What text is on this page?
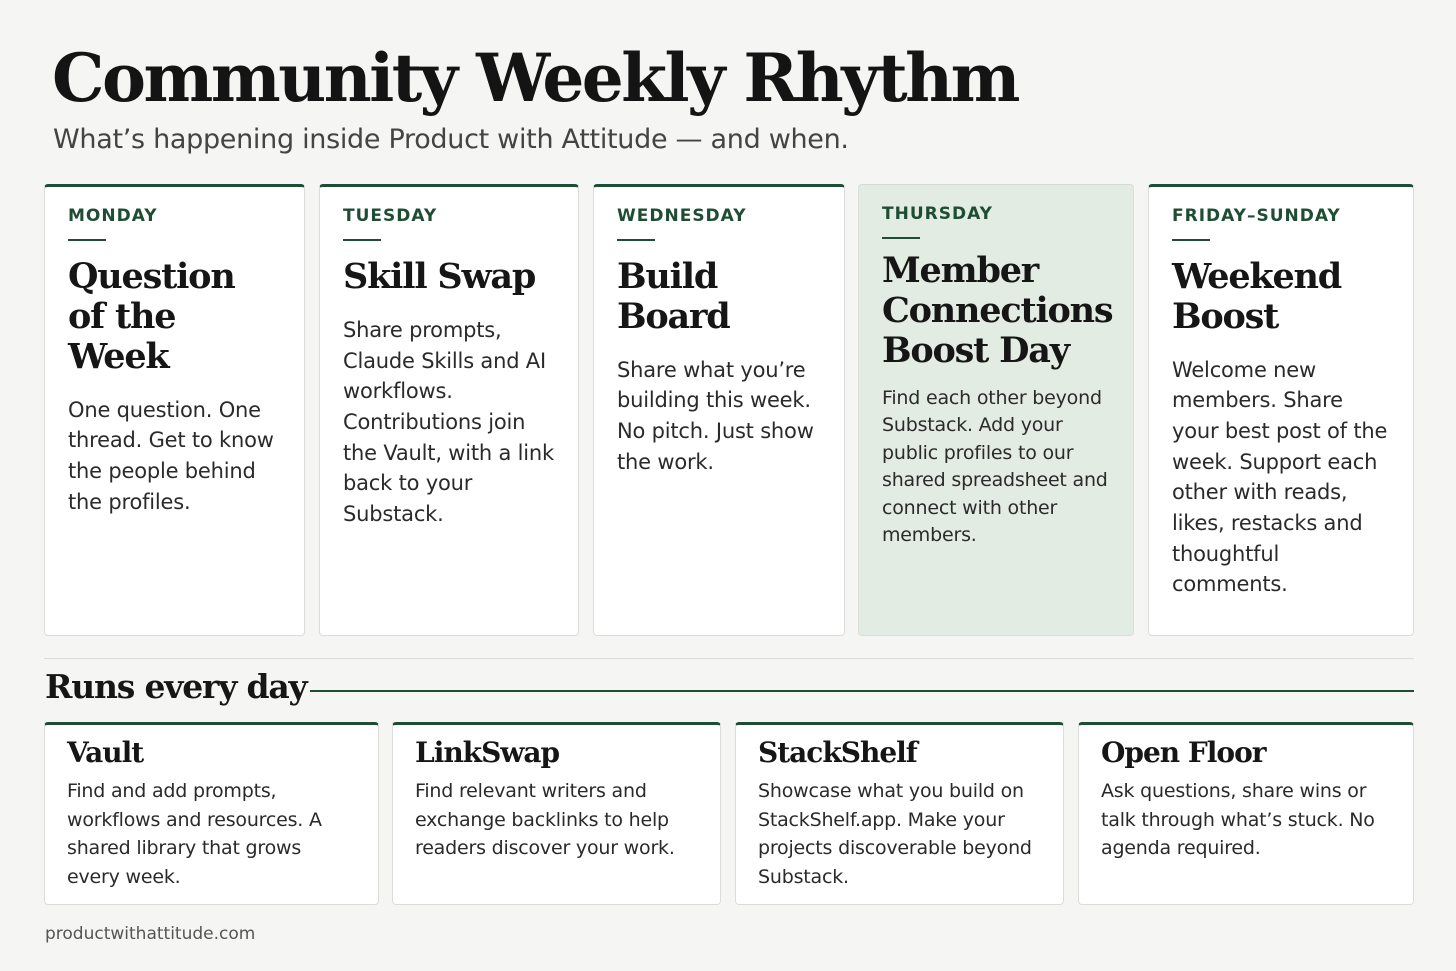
Community Weekly Rhythm
What’s happening inside Product with Attitude — and when.
MONDAY
Question of the Week
One question. One thread. Get to know the people behind the profiles.
TUESDAY
Skill Swap
Share prompts, Claude Skills and AI workflows. Contributions join the Vault, with a link back to your Substack.
WEDNESDAY
Build Board
Share what you’re building this week. No pitch. Just show the work.
THURSDAY
Member Connections Boost Day
Find each other beyond Substack. Add your public profiles to our shared spreadsheet and connect with other members.
FRIDAY–SUNDAY
Weekend Boost
Welcome new members. Share your best post of the week. Support each other with reads, likes, restacks and thoughtful comments.
Runs every day
Vault
Find and add prompts, workflows and resources. A shared library that grows every week.
LinkSwap
Find relevant writers and exchange backlinks to help readers discover your work.
StackShelf
Showcase what you build on StackShelf.app. Make your projects discoverable beyond Substack.
Open Floor
Ask questions, share wins or talk through what’s stuck. No agenda required.
productwithattitude.com
